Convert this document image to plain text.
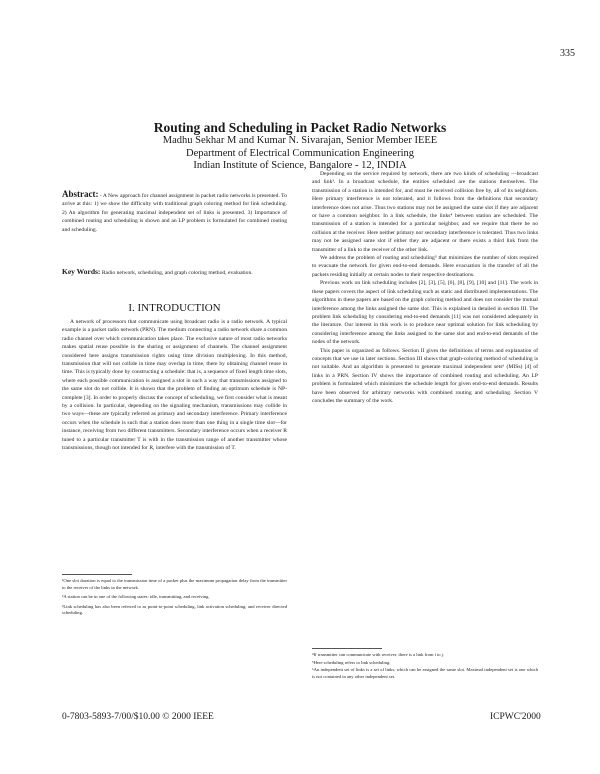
335
Routing and Scheduling in Packet Radio Networks
Madhu Sekhar M and Kumar N. Sivarajan, Senior Member IEEE
Department of Electrical Communication Engineering
Indian Institute of Science, Bangalore - 12, INDIA
Abstract: - A New approach for channel assignment in packet radio networks is presented. To arrive at this: 1) we show the difficulty with traditional graph coloring method for link scheduling. 2) An algorithm for generating maximal independent set of links is presented. 3) Importance of combined routing and scheduling is shown and an LP problem is formulated for combined routing and scheduling.
Key Words: Radio network, scheduling, and graph coloring method, evaluation.
I. INTRODUCTION

A network of processors that communicate using broadcast radio is a radio network. A typical example is a packet radio network (PRN). The medium connecting a radio network share a common radio channel over which communication takes place. The exclusive nature of most radio networks makes spatial reuse possible in the sharing or assignment of channels. The channel assignment considered here assigns transmission rights using time division multiplexing. In this method, transmission that will not collide in time may overlap in time, there by obtaining channel reuse in time. This is typically done by constructing a schedule: that is, a sequence of fixed length time slots, where each possible communication is assigned a slot in such a way that transmissions assigned to the same slot do not collide. It is shown that the problem of finding an optimum schedule is NP-complete [3]. In order to properly discuss the concept of scheduling, we first consider what is meant by a collision. In particular, depending on the signaling mechanism, transmissions may collide in two ways—these are typically referred as primary and secondary interference. Primary interference occurs when the schedule is such that a station does more than one thing in a single time slot—for instance, receiving from two different transmitters. Secondary interference occurs when a receiver R tuned to a particular transmitter T is with in the transmission range of another transmitter whose transmissions, though not intended for R, interfere with the transmission of T.

¹One slot duration is equal to the transmission time of a packet plus the maximum propagation delay from the transmitter to the receiver of the links in the network.

²A station can be in one of the following states: idle, transmitting, and receiving.

³Link scheduling has also been referred to as point-to-point scheduling, link activation scheduling, and receiver directed scheduling.

Depending on the service required by network, there are two kinds of scheduling —broadcast and link³. In a broadcast schedule, the entities scheduled are the stations themselves. The transmission of a station is intended for, and must be received collision free by, all of its neighbors. Here primary interference is not tolerated, and it follows from the definitions that secondary interference does not arise. Thus two stations may not be assigned the same slot if they are adjacent or have a common neighbor. In a link schedule, the links⁴ between station are scheduled. The transmission of a station is intended for a particular neighbor, and we require that there be no collision at the receiver. Here neither primary nor secondary interference is tolerated. Thus two links may not be assigned same slot if either they are adjacent or there exists a third link from the transmitter of a link to the receiver of the other link.

We address the problem of routing and scheduling⁵ that minimizes the number of slots required to evacuate the network for given end-to-end demands. Here evacuation is the transfer of all the packets residing initially at certain nodes to their respective destinations.

Previous work on link scheduling includes [2], [3], [5], [6], [8], [9], [10] and [11]. The work in these papers covers the aspect of link scheduling such as static and distributed implementations. The algorithms in these papers are based on the graph coloring method and does not consider the mutual interference among the links assigned the same slot. This is explained in detailed in section III. The problem link scheduling by considering end-to-end demands [11] was not considered adequately in the literature. Our interest in this work is to produce near optimal solution for link scheduling by considering interference among the links assigned to the same slot and end-to-end demands of the nodes of the network.

This paper is organized as follows. Section II gives the definitions of terms and explanation of concepts that we use in later sections. Section III shows that graph-coloring method of scheduling is not suitable. And an algorithm is presented to generate maximal independent sets⁶ (MISs) [4] of links in a PRN. Section IV shows the importance of combined routing and scheduling. An LP problem is formulated which minimizes the schedule length for given end-to-end demands. Results have been observed for arbitrary networks with combined routing and scheduling. Section V concludes the summary of the work.

⁴If transmitter can communicate with receiver, there is a link from i to j.

⁵Here scheduling refers to link scheduling.

⁶An independent set of links is a set of links, which can be assigned the same slot. Maximal independent set is one which is not contained in any other independent set.

0-7803-5893-7/00/$10.00 © 2000 IEEE	ICPWC'2000
